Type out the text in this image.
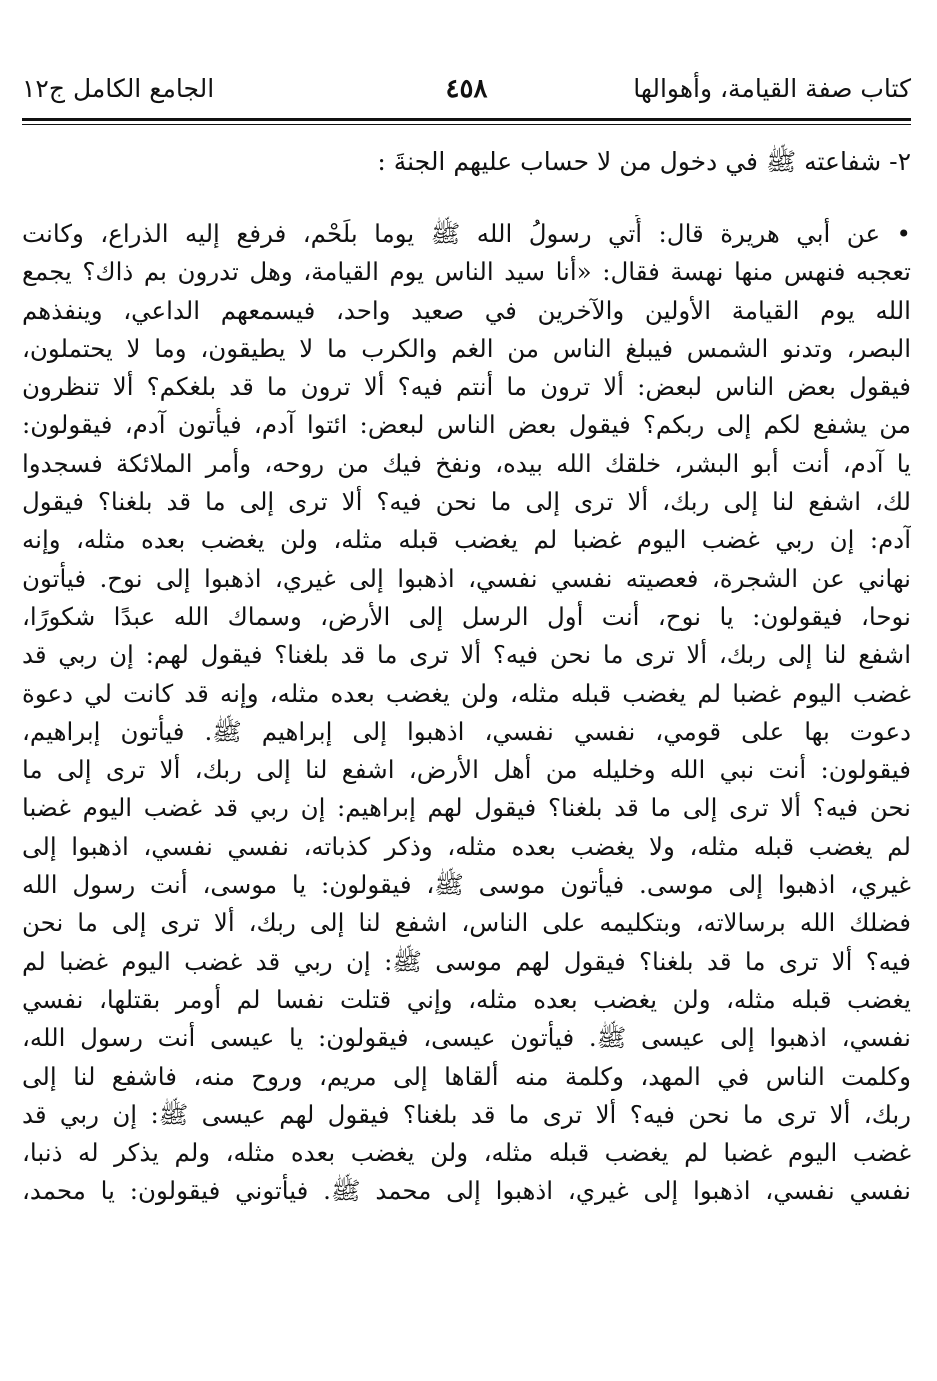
كتاب صفة القيامة، وأهوالها
٤٥٨
الجامع الكامل ج١٢
٢- شفاعته ﷺ في دخول من لا حساب عليهم الجنةَ :
• عن أبي هريرة قال: أُتي رسولُ الله ﷺ يوما بلَحْم، فرفع إليه الذراع، وكانت
تعجبه فنهس منها نهسة فقال: «أنا سيد الناس يوم القيامة، وهل تدرون بم ذاك؟ يجمع
الله يوم القيامة الأولين والآخرين في صعيد واحد، فيسمعهم الداعي، وينفذهم
البصر، وتدنو الشمس فيبلغ الناس من الغم والكرب ما لا يطيقون، وما لا يحتملون،
فيقول بعض الناس لبعض: ألا ترون ما أنتم فيه؟ ألا ترون ما قد بلغكم؟ ألا تنظرون
من يشفع لكم إلى ربكم؟ فيقول بعض الناس لبعض: ائتوا آدم، فيأتون آدم، فيقولون:
يا آدم، أنت أبو البشر، خلقك الله بيده، ونفخ فيك من روحه، وأمر الملائكة فسجدوا
لك، اشفع لنا إلى ربك، ألا ترى إلى ما نحن فيه؟ ألا ترى إلى ما قد بلغنا؟ فيقول
آدم: إن ربي غضب اليوم غضبا لم يغضب قبله مثله، ولن يغضب بعده مثله، وإنه
نهاني عن الشجرة، فعصيته نفسي نفسي، اذهبوا إلى غيري، اذهبوا إلى نوح. فيأتون
نوحا، فيقولون: يا نوح، أنت أول الرسل إلى الأرض، وسماك الله عبدًا شكورًا،
اشفع لنا إلى ربك، ألا ترى ما نحن فيه؟ ألا ترى ما قد بلغنا؟ فيقول لهم: إن ربي قد
غضب اليوم غضبا لم يغضب قبله مثله، ولن يغضب بعده مثله، وإنه قد كانت لي دعوة
دعوت بها على قومي، نفسي نفسي، اذهبوا إلى إبراهيم ﷺ. فيأتون إبراهيم،
فيقولون: أنت نبي الله وخليله من أهل الأرض، اشفع لنا إلى ربك، ألا ترى إلى ما
نحن فيه؟ ألا ترى إلى ما قد بلغنا؟ فيقول لهم إبراهيم: إن ربي قد غضب اليوم غضبا
لم يغضب قبله مثله، ولا يغضب بعده مثله، وذكر كذباته، نفسي نفسي، اذهبوا إلى
غيري، اذهبوا إلى موسى. فيأتون موسى ﷺ، فيقولون: يا موسى، أنت رسول الله
فضلك الله برسالاته، وبتكليمه على الناس، اشفع لنا إلى ربك، ألا ترى إلى ما نحن
فيه؟ ألا ترى ما قد بلغنا؟ فيقول لهم موسى ﷺ: إن ربي قد غضب اليوم غضبا لم
يغضب قبله مثله، ولن يغضب بعده مثله، وإني قتلت نفسا لم أومر بقتلها، نفسي
نفسي، اذهبوا إلى عيسى ﷺ. فيأتون عيسى، فيقولون: يا عيسى أنت رسول الله،
وكلمت الناس في المهد، وكلمة منه ألقاها إلى مريم، وروح منه، فاشفع لنا إلى
ربك، ألا ترى ما نحن فيه؟ ألا ترى ما قد بلغنا؟ فيقول لهم عيسى ﷺ: إن ربي قد
غضب اليوم غضبا لم يغضب قبله مثله، ولن يغضب بعده مثله، ولم يذكر له ذنبا،
نفسي نفسي، اذهبوا إلى غيري، اذهبوا إلى محمد ﷺ. فيأتوني فيقولون: يا محمد،
